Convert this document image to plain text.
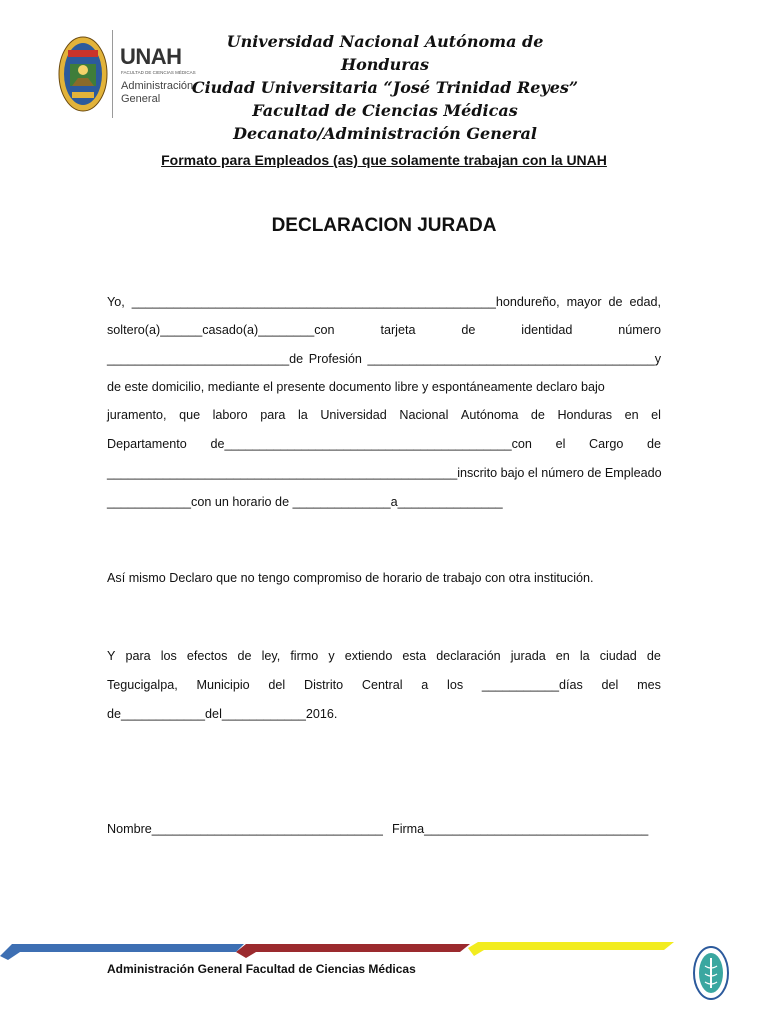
UNAH
FACULTAD DE CIENCIAS MÉDICAS
Administración
General
Universidad Nacional Autónoma de Honduras
Ciudad Universitaria “José Trinidad Reyes”
Facultad de Ciencias Médicas
Decanato/Administración General
Formato para Empleados (as) que solamente trabajan con la UNAH
DECLARACION JURADA
Yo, ____________________________________________________hondureño, mayor de edad,
soltero(a)______casado(a)________con	tarjeta	de	identidad	número
__________________________de Profesión _________________________________________y
de este domicilio, mediante el presente documento libre y espontáneamente declaro bajo
juramento, que laboro para la Universidad Nacional Autónoma de Honduras en el
Departamento de_________________________________________con el Cargo de
__________________________________________________inscrito bajo el número de Empleado
____________con un horario de ______________a_______________
Así mismo Declaro que no tengo compromiso de horario de trabajo con otra institución.
Y para los efectos de ley, firmo y extiendo esta declaración jurada en la ciudad de
Tegucigalpa, Municipio del Distrito Central a los ___________días del mes
de____________del____________2016.
Nombre_________________________________ Firma________________________________
Administración General Facultad de Ciencias Médicas
